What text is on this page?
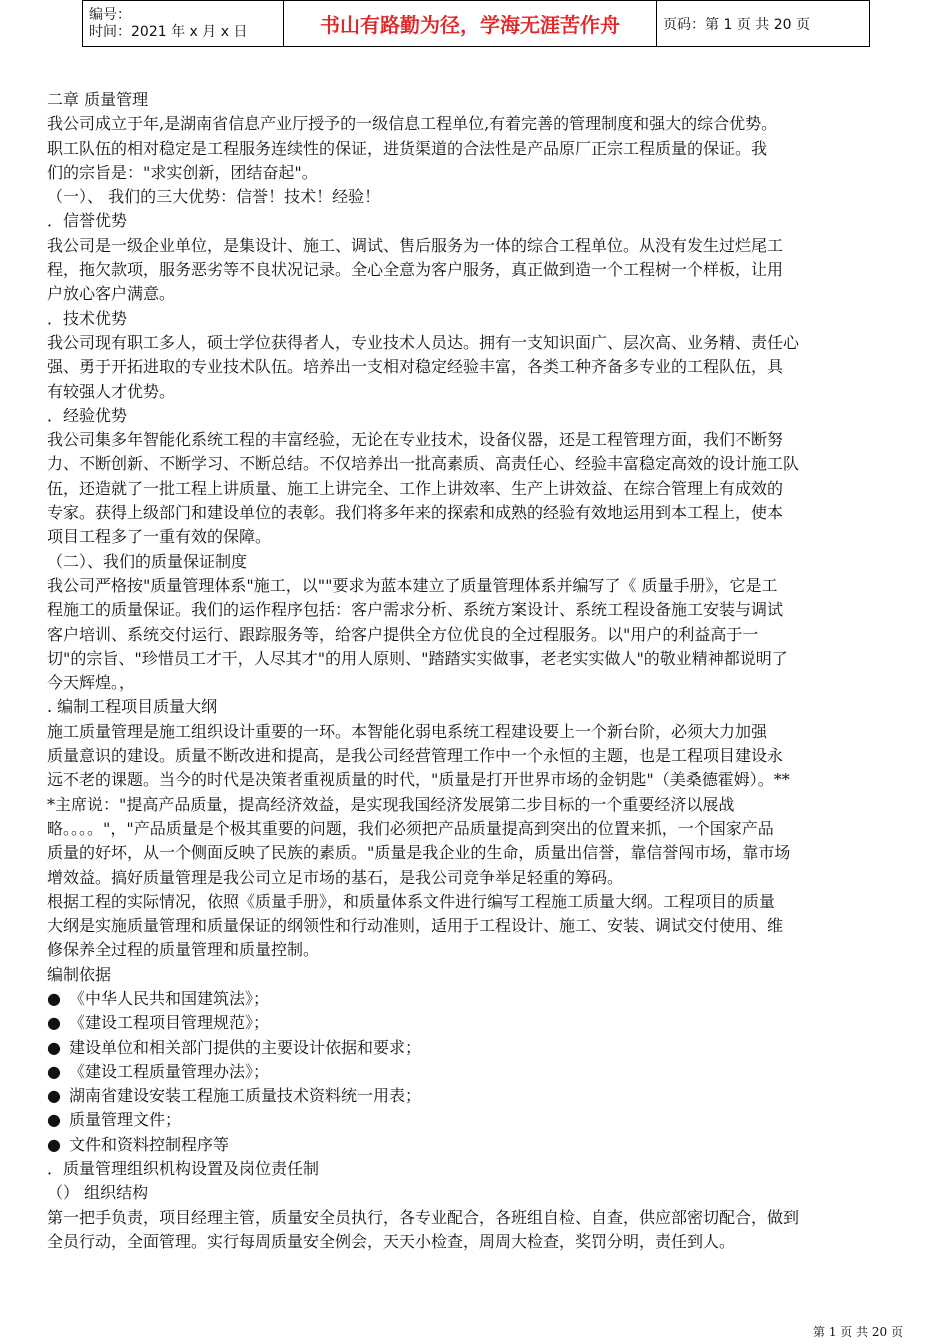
编号：
时间：2021 年 x 月 x 日	书山有路勤为径，学海无涯苦作舟	页码：第 1 页 共 20 页
二章 质量管理
我公司成立于年,是湖南省信息产业厅授予的一级信息工程单位,有着完善的管理制度和强大的综合优势。
职工队伍的相对稳定是工程服务连续性的保证，进货渠道的合法性是产品原厂正宗工程质量的保证。我
们的宗旨是："求实创新，团结奋起"。
（一）、 我们的三大优势：信誉！技术！经验！
．信誉优势
我公司是一级企业单位，是集设计、施工、调试、售后服务为一体的综合工程单位。从没有发生过烂尾工
程，拖欠款项，服务恶劣等不良状况记录。全心全意为客户服务，真正做到造一个工程树一个样板，让用
户放心客户满意。
．技术优势
我公司现有职工多人，硕士学位获得者人，专业技术人员达。拥有一支知识面广、层次高、业务精、责任心
强、勇于开拓进取的专业技术队伍。培养出一支相对稳定经验丰富，各类工种齐备多专业的工程队伍，具
有较强人才优势。
．经验优势
我公司集多年智能化系统工程的丰富经验，无论在专业技术，设备仪器，还是工程管理方面，我们不断努
力、不断创新、不断学习、不断总结。不仅培养出一批高素质、高责任心、经验丰富稳定高效的设计施工队
伍，还造就了一批工程上讲质量、施工上讲完全、工作上讲效率、生产上讲效益、在综合管理上有成效的
专家。获得上级部门和建设单位的表彰。我们将多年来的探索和成熟的经验有效地运用到本工程上，使本
项目工程多了一重有效的保障。
（二）、我们的质量保证制度
我公司严格按"质量管理体系"施工，以""要求为蓝本建立了质量管理体系并编写了《 质量手册》，它是工
程施工的质量保证。我们的运作程序包括：客户需求分析、系统方案设计、系统工程设备施工安装与调试
客户培训、系统交付运行、跟踪服务等，给客户提供全方位优良的全过程服务。以"用户的利益高于一
切"的宗旨、"珍惜员工才干，人尽其才"的用人原则、"踏踏实实做事，老老实实做人"的敬业精神都说明了
今天辉煌。，
. 编制工程项目质量大纲
施工质量管理是施工组织设计重要的一环。本智能化弱电系统工程建设要上一个新台阶，必须大力加强
质量意识的建设。质量不断改进和提高，是我公司经营管理工作中一个永恒的主题，也是工程项目建设永
远不老的课题。当今的时代是决策者重视质量的时代，"质量是打开世界市场的金钥匙"（美桑德霍姆）。**
*主席说："提高产品质量，提高经济效益，是实现我国经济发展第二步目标的一个重要经济以展战
略。。。。"，"产品质量是个极其重要的问题，我们必须把产品质量提高到突出的位置来抓，一个国家产品
质量的好坏，从一个侧面反映了民族的素质。"质量是我企业的生命，质量出信誉，靠信誉闯市场，靠市场
增效益。搞好质量管理是我公司立足市场的基石，是我公司竞争举足轻重的筹码。
根据工程的实际情况，依照《质量手册》，和质量体系文件进行编写工程施工质量大纲。工程项目的质量
大纲是实施质量管理和质量保证的纲领性和行动准则，适用于工程设计、施工、安装、调试交付使用、维
修保养全过程的质量管理和质量控制。
编制依据
● 《中华人民共和国建筑法》；
● 《建设工程项目管理规范》；
● 建设单位和相关部门提供的主要设计依据和要求；
● 《建设工程质量管理办法》；
● 湖南省建设安装工程施工质量技术资料统一用表；
● 质量管理文件；
● 文件和资料控制程序等
．质量管理组织机构设置及岗位责任制
（） 组织结构
第一把手负责，项目经理主管，质量安全员执行，各专业配合，各班组自检、自查，供应部密切配合，做到
全员行动，全面管理。实行每周质量安全例会，天天小检查，周周大检查，奖罚分明，责任到人。
第 1 页 共 20 页
